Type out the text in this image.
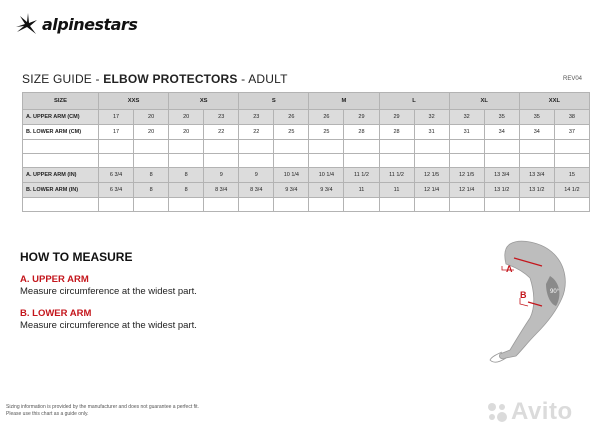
alpinestars
SIZE GUIDE - ELBOW PROTECTORS - ADULT	REV04
SIZE	XXS		XS		S		M		L		XL		XXL	
A. UPPER ARM (CM)	17	20	20	23	23	26	26	29	29	32	32	35	35	38
B. LOWER ARM (CM)	17	20	20	22	22	25	25	28	28	31	31	34	34	37

A. UPPER ARM (IN)	6 3/4	8	8	9	9	10 1/4	10 1/4	11 1/2	11 1/2	12 1/5	12 1/5	13 3/4	13 3/4	15
B. LOWER ARM (IN)	6 3/4	8	8	8 3/4	8 3/4	9 3/4	9 3/4	11	11	12 1/4	12 1/4	13 1/2	13 1/2	14 1/2

HOW TO MEASURE
A. UPPER ARM
Measure circumference at the widest part.
B. LOWER ARM
Measure circumference at the widest part.
90°
A
B
Sizing information is provided by the manufacturer and does not guarantee a perfect fit.
Please use this chart as a guide only.	Avito
